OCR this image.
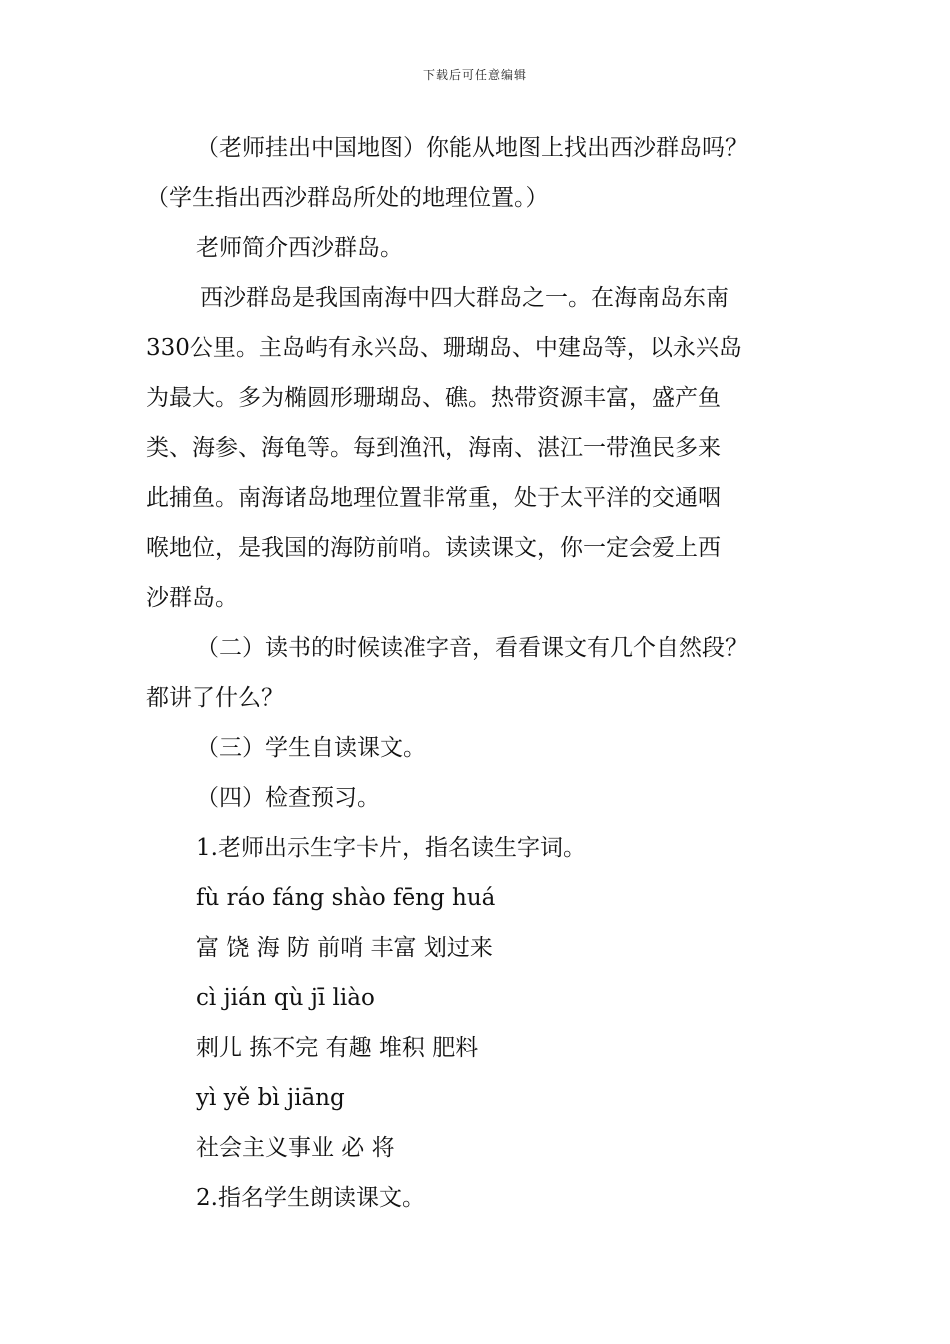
下载后可任意编辑
（老师挂出中国地图）你能从地图上找出西沙群岛吗？
（学生指出西沙群岛所处的地理位置。）
老师简介西沙群岛。
西沙群岛是我国南海中四大群岛之一。在海南岛东南
330公里。主岛屿有永兴岛、珊瑚岛、中建岛等，以永兴岛
为最大。多为椭圆形珊瑚岛、礁。热带资源丰富，盛产鱼
类、海参、海龟等。每到渔汛，海南、湛江一带渔民多来
此捕鱼。南海诸岛地理位置非常重，处于太平洋的交通咽
喉地位，是我国的海防前哨。读读课文，你一定会爱上西
沙群岛。
（二）读书的时候读准字音，看看课文有几个自然段？
都讲了什么？
（三）学生自读课文。
（四）检查预习。
1.老师出示生字卡片，指名读生字词。
fù ráo fáng shào fēng huá
富 饶 海 防 前哨 丰富 划过来
cì jián qù jī liào
刺儿 拣不完 有趣 堆积 肥料
yì yě bì jiāng
社会主义事业 必 将
2.指名学生朗读课文。
